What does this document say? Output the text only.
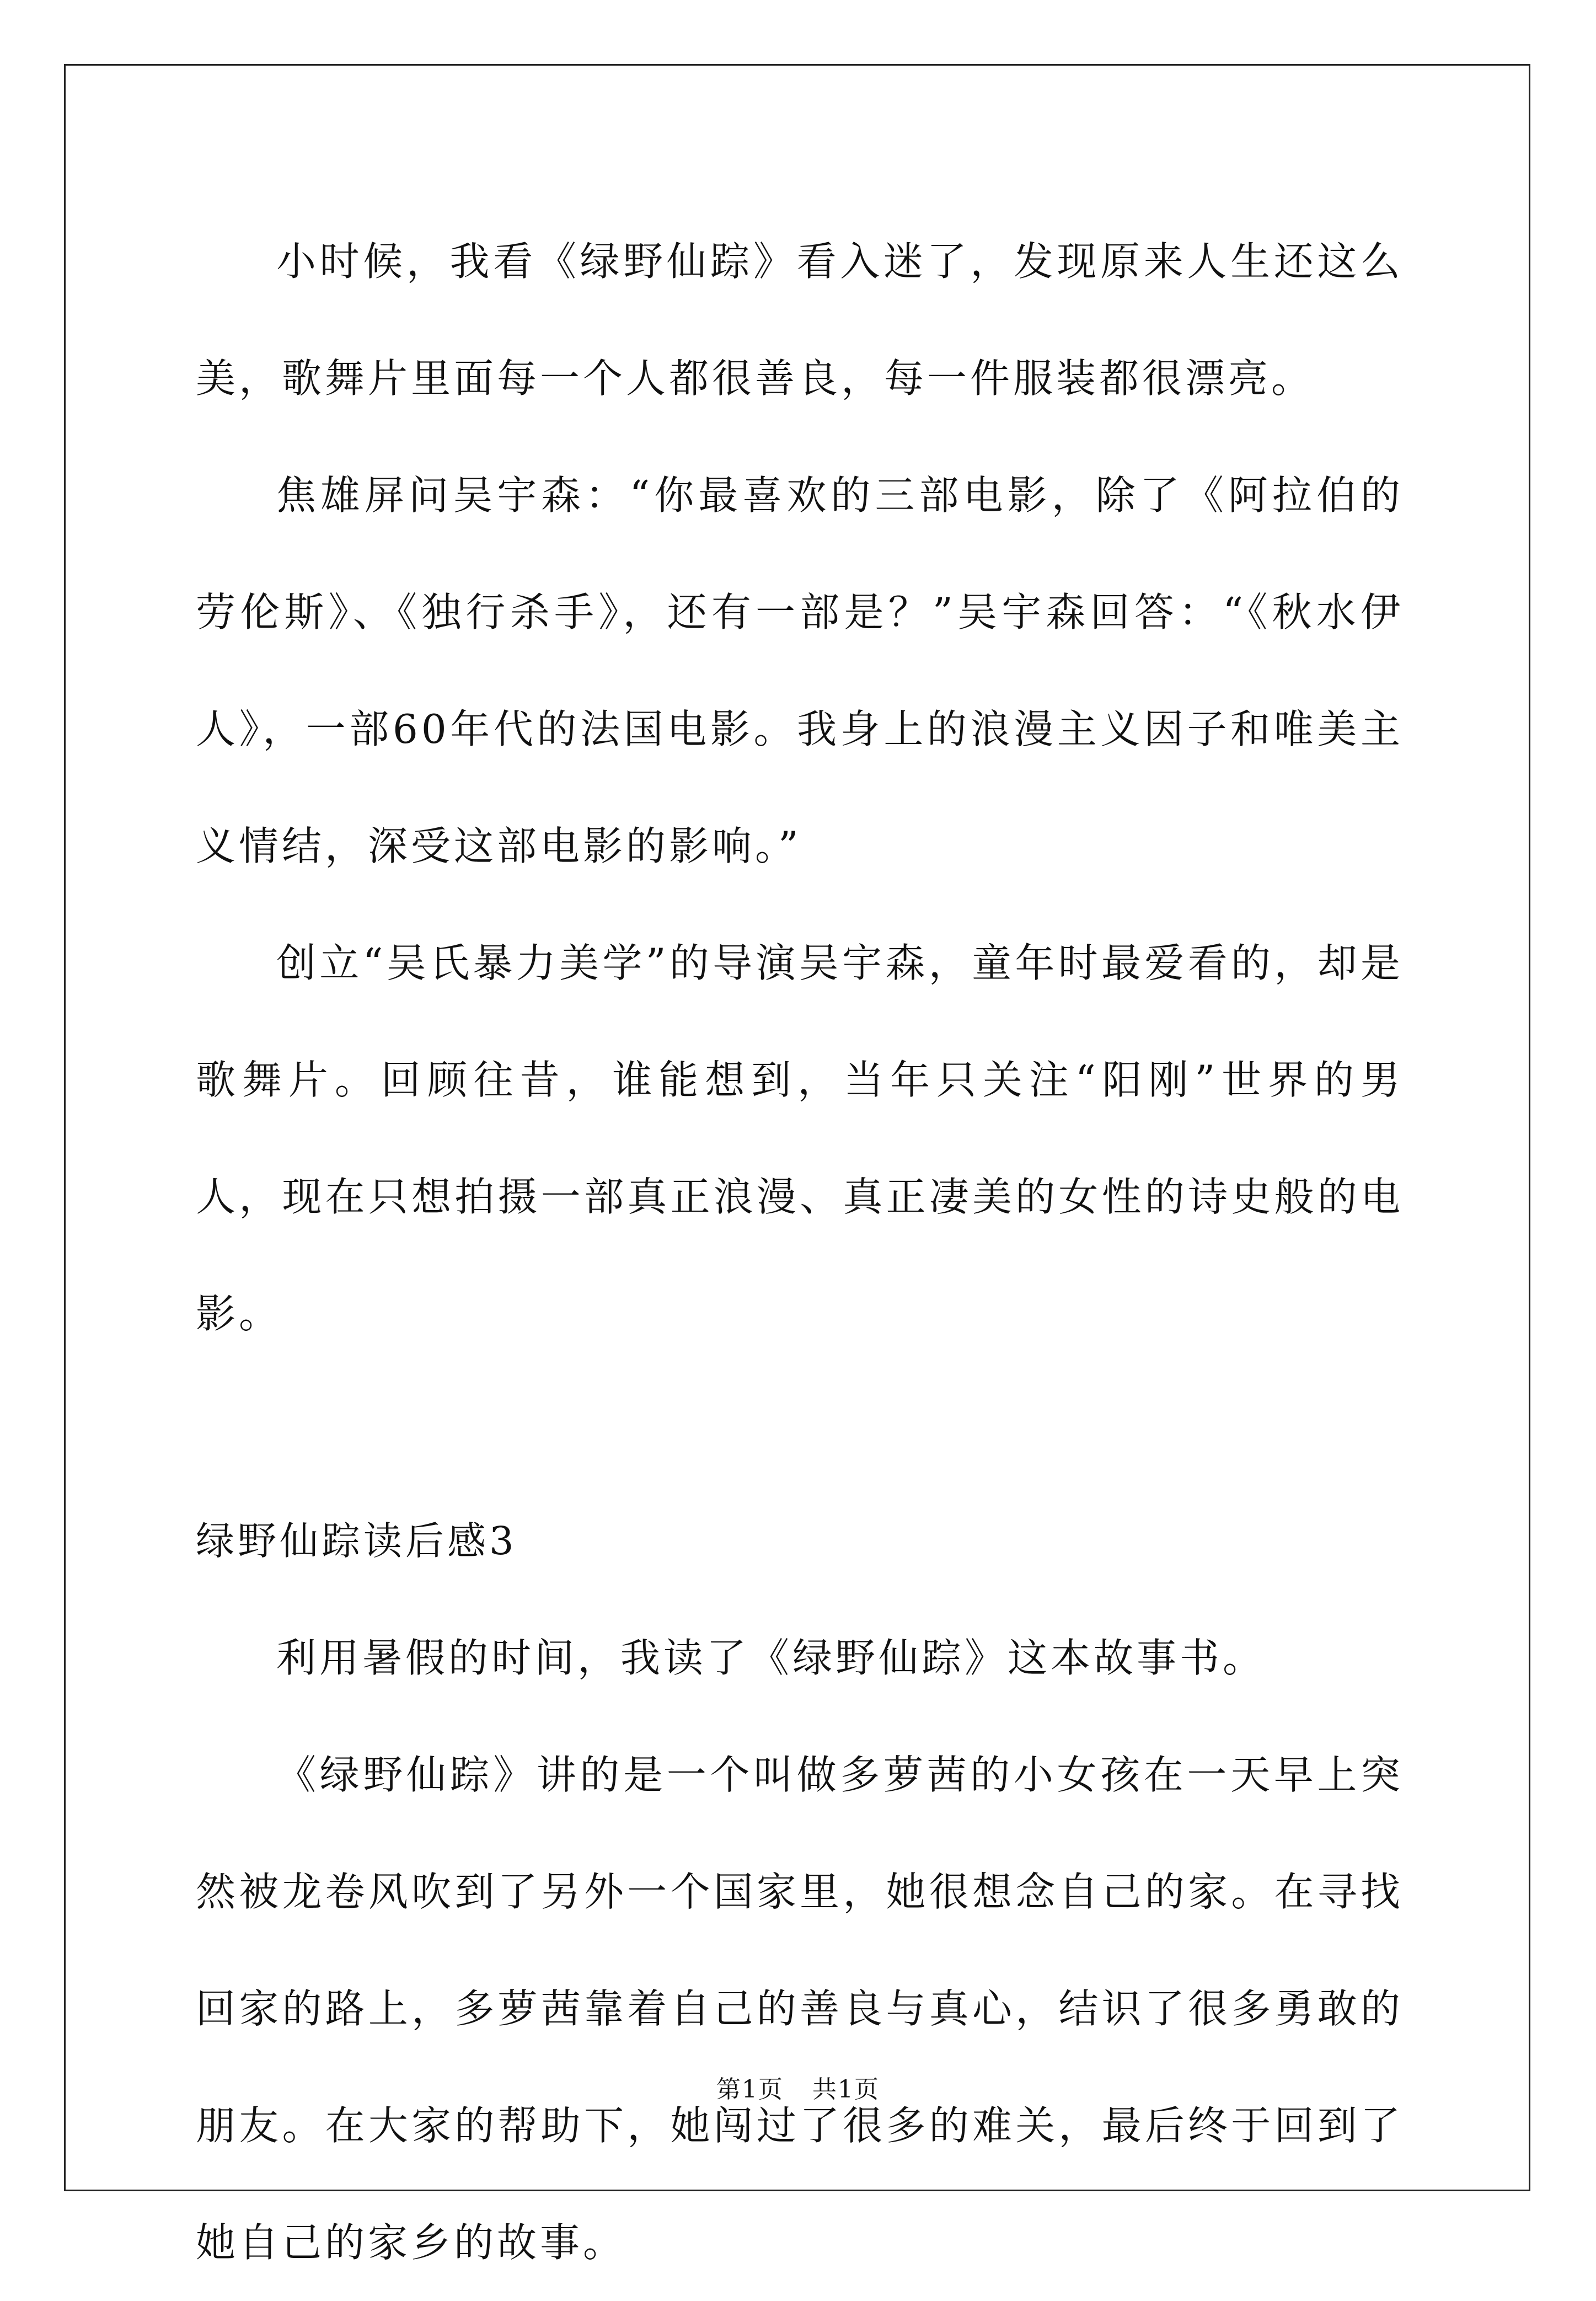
小时候，我看《绿野仙踪》看入迷了，发现原来人生还这么美，歌舞片里面每一个人都很善良，每一件服装都很漂亮。

焦雄屏问吴宇森：“你最喜欢的三部电影，除了《阿拉伯的劳伦斯》、《独行杀手》，还有一部是？”吴宇森回答：“《秋水伊人》，一部60年代的法国电影。我身上的浪漫主义因子和唯美主义情结，深受这部电影的影响。”

创立“吴氏暴力美学”的导演吴宇森，童年时最爱看的，却是歌舞片。回顾往昔，谁能想到，当年只关注“阳刚”世界的男人，现在只想拍摄一部真正浪漫、真正凄美的女性的诗史般的电影。

绿野仙踪读后感3

利用暑假的时间，我读了《绿野仙踪》这本故事书。

《绿野仙踪》讲的是一个叫做多萝茜的小女孩在一天早上突然被龙卷风吹到了另外一个国家里，她很想念自己的家。在寻找回家的路上，多萝茜靠着自己的善良与真心，结识了很多勇敢的朋友。在大家的帮助下，她闯过了很多的难关，最后终于回到了她自己的家乡的故事。

第1页 共1页
